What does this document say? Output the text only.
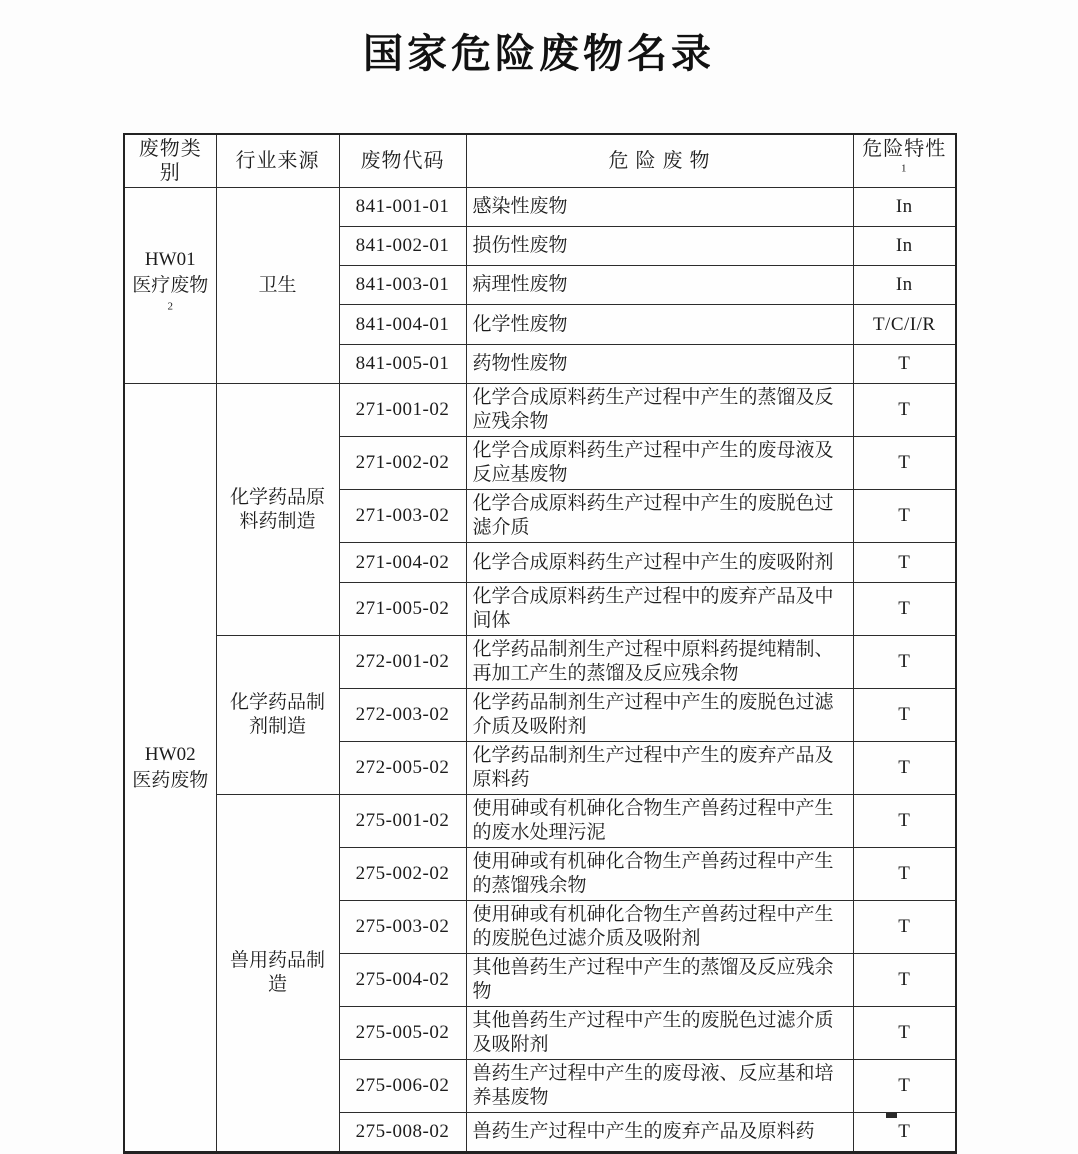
国家危险废物名录
废物类别	行业来源	废物代码	危 险 废 物	危险特性$^1$

HW01
医疗废物$^2$	卫生	841-001-01	感染性废物	In
		841-002-01	损伤性废物	In
		841-003-01	病理性废物	In
		841-004-01	化学性废物	T/C/I/R
		841-005-01	药物性废物	T

HW02
医药废物	化学药品原料药制造	271-001-02	化学合成原料药生产过程中产生的蒸馏及反应残余物	T
		271-002-02	化学合成原料药生产过程中产生的废母液及反应基废物	T
		271-003-02	化学合成原料药生产过程中产生的废脱色过滤介质	T
		271-004-02	化学合成原料药生产过程中产生的废吸附剂	T
		271-005-02	化学合成原料药生产过程中的废弃产品及中间体	T
	化学药品制剂制造	272-001-02	化学药品制剂生产过程中原料药提纯精制、再加工产生的蒸馏及反应残余物	T
		272-003-02	化学药品制剂生产过程中产生的废脱色过滤介质及吸附剂	T
		272-005-02	化学药品制剂生产过程中产生的废弃产品及原料药	T
	兽用药品制造	275-001-02	使用砷或有机砷化合物生产兽药过程中产生的废水处理污泥	T
		275-002-02	使用砷或有机砷化合物生产兽药过程中产生的蒸馏残余物	T
		275-003-02	使用砷或有机砷化合物生产兽药过程中产生的废脱色过滤介质及吸附剂	T
		275-004-02	其他兽药生产过程中产生的蒸馏及反应残余物	T
		275-005-02	其他兽药生产过程中产生的废脱色过滤介质及吸附剂	T
		275-006-02	兽药生产过程中产生的废母液、反应基和培养基废物	T
		275-008-02	兽药生产过程中产生的废弃产品及原料药	T
